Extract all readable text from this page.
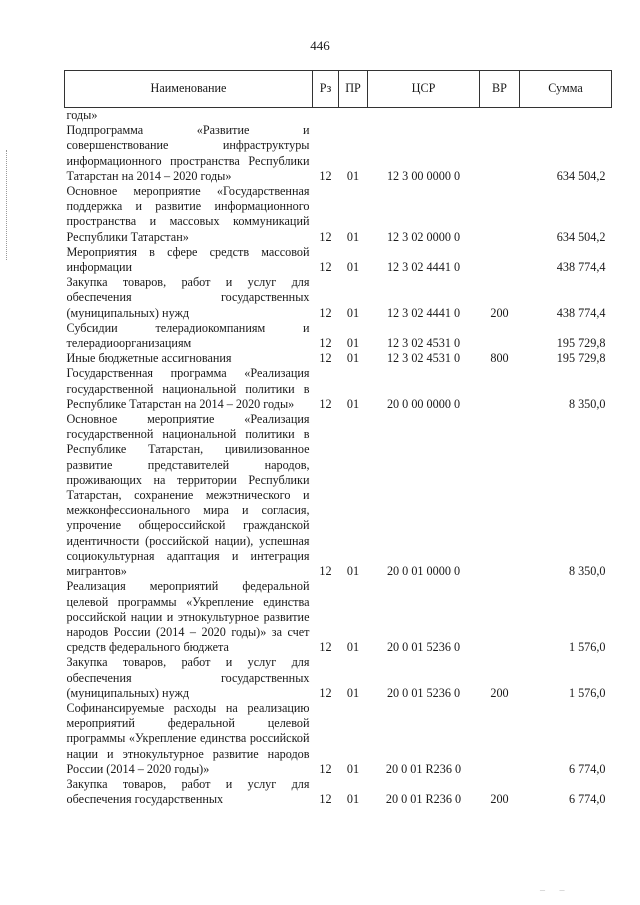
446
Наименование	Рз	ПР	ЦСР	ВР	Сумма
годы»					
Подпрограмма «Развитие и совершенствование инфраструктуры информационного пространства Республики Татарстан на 2014 – 2020 годы»	12	01	12 3 00 0000 0		634 504,2
Основное мероприятие «Государственная поддержка и развитие информационного пространства и массовых коммуникаций Республики Татарстан»	12	01	12 3 02 0000 0		634 504,2
Мероприятия в сфере средств массовой информации	12	01	12 3 02 4441 0		438 774,4
Закупка товаров, работ и услуг для обеспечения государственных (муниципальных) нужд	12	01	12 3 02 4441 0	200	438 774,4
Субсидии телерадиокомпаниям и телерадиоорганизациям	12	01	12 3 02 4531 0		195 729,8
Иные бюджетные ассигнования	12	01	12 3 02 4531 0	800	195 729,8
Государственная программа «Реализация государственной национальной политики в Республике Татарстан на 2014 – 2020 годы»	12	01	20 0 00 0000 0		8 350,0
Основное мероприятие «Реализация государственной национальной политики в Республике Татарстан, цивилизованное развитие представителей народов, проживающих на территории Республики Татарстан, сохранение межэтнического и межконфессионального мира и согласия, упрочение общероссийской гражданской идентичности (российской нации), успешная социокультурная адаптация и интеграция мигрантов»	12	01	20 0 01 0000 0		8 350,0
Реализация мероприятий федеральной целевой программы «Укрепление единства российской нации и этнокультурное развитие народов России (2014 – 2020 годы)» за счет средств федерального бюджета	12	01	20 0 01 5236 0		1 576,0
Закупка товаров, работ и услуг для обеспечения государственных (муниципальных) нужд	12	01	20 0 01 5236 0	200	1 576,0
Софинансируемые расходы на реализацию мероприятий федеральной целевой программы «Укрепление единства российской нации и этнокультурное развитие народов России (2014 – 2020 годы)»	12	01	20 0 01 R236 0		6 774,0
Закупка товаров, работ и услуг для обеспечения государственных	12	01	20 0 01 R236 0	200	6 774,0
– –
